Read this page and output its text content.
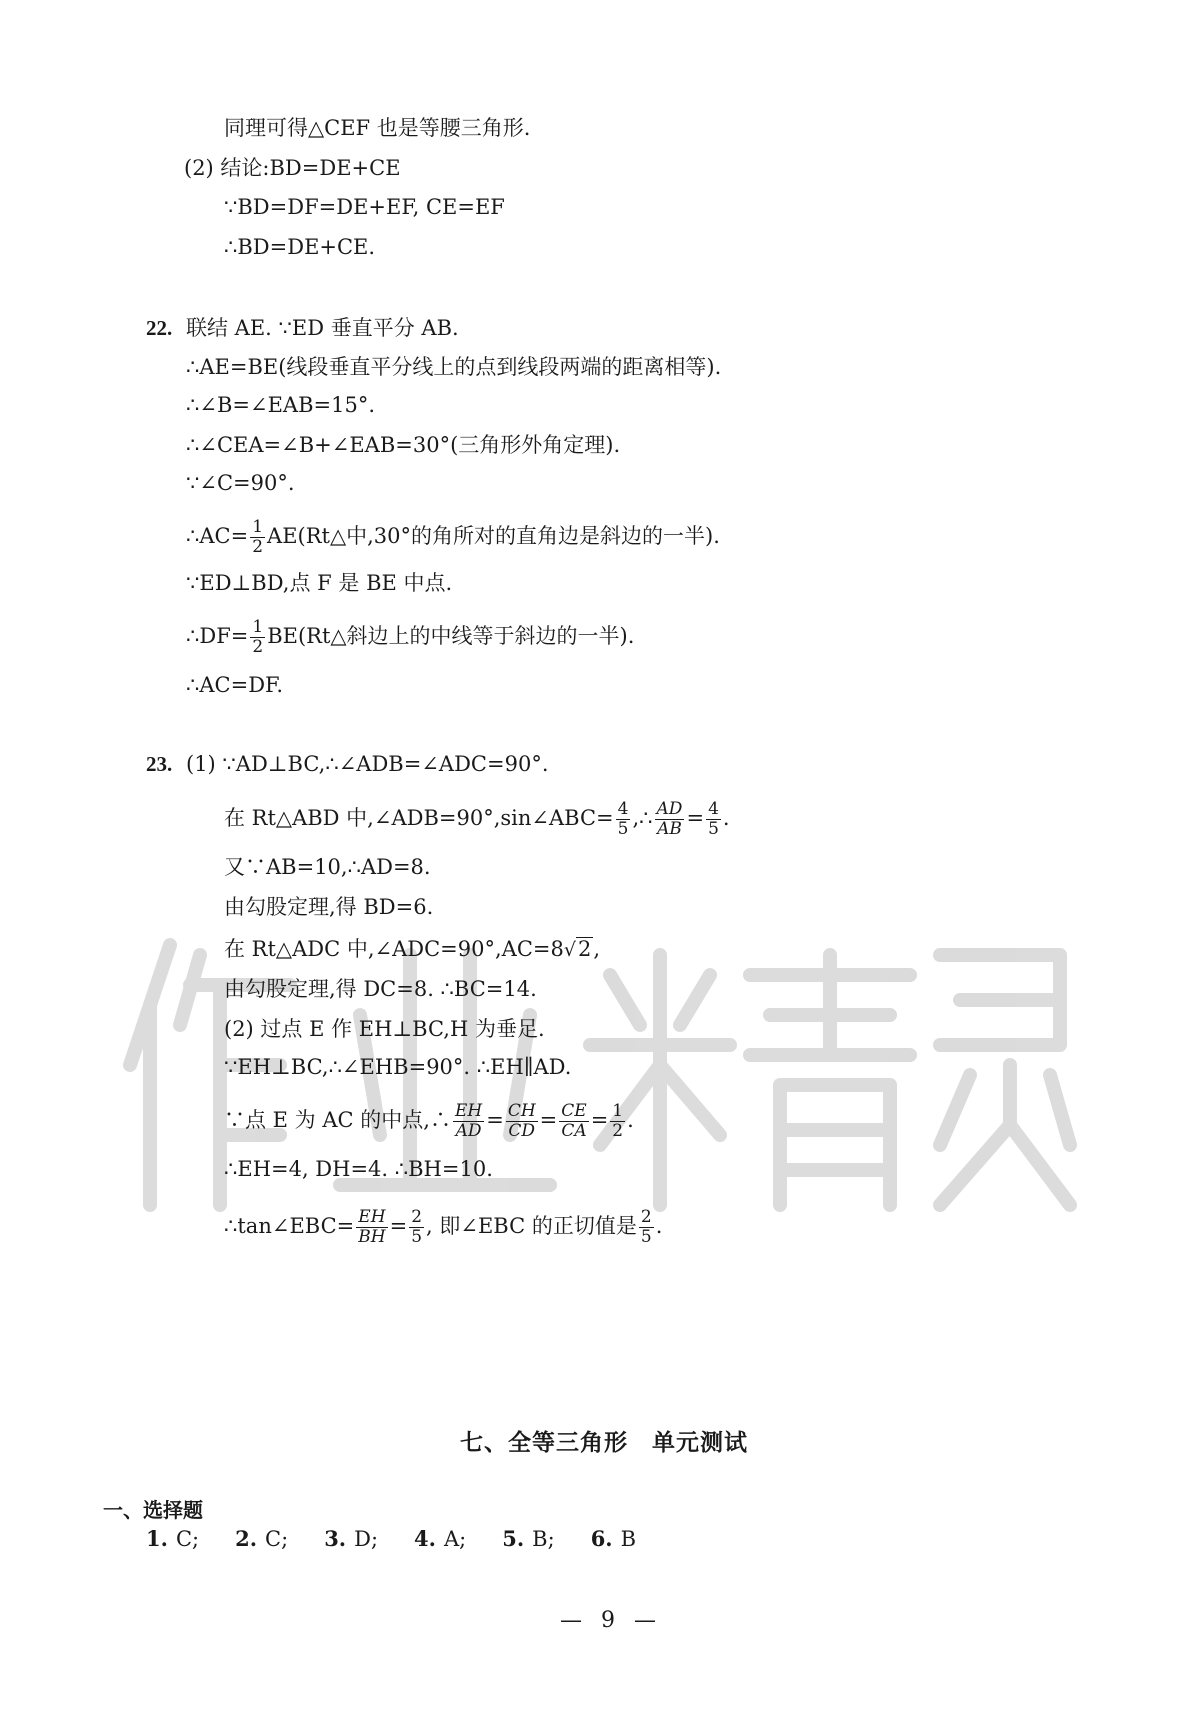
同理可得△CEF 也是等腰三角形.
(2) 结论:BD=DE+CE
∵BD=DF=DE+EF, CE=EF
∴BD=DE+CE.
22. 联结 AE. ∵ED 垂直平分 AB.
∴AE=BE(线段垂直平分线上的点到线段两端的距离相等).
∴∠B=∠EAB=15°.
∴∠CEA=∠B+∠EAB=30°(三角形外角定理).
∵∠C=90°.
∴AC= $\frac{1}{2}$ AE(Rt△中,30°的角所对的直角边是斜边的一半).
∵ED⊥BD,点 F 是 BE 中点.
∴DF= $\frac{1}{2}$ BE(Rt△斜边上的中线等于斜边的一半).
∴AC=DF.
23. (1) ∵AD⊥BC,∴∠ADB=∠ADC=90°.
在 Rt△ABD 中,∠ADB=90°,sin∠ABC= $\frac{4}{5}$ ,∴ $\frac{AD}{AB} = \frac{4}{5}$ .
又∵AB=10,∴AD=8.
由勾股定理,得 BD=6.
在 Rt△ADC 中,∠ADC=90°,AC=8√2,
由勾股定理,得 DC=8. ∴BC=14.
(2) 过点 E 作 EH⊥BC,H 为垂足.
∵EH⊥BC,∴∠EHB=90°. ∴EH∥AD.
∵点 E 为 AC 的中点,∴ $\frac{EH}{AD} = \frac{CH}{CD} = \frac{CE}{CA} = \frac{1}{2}$ .
∴EH=4, DH=4. ∴BH=10.
∴tan∠EBC= $\frac{EH}{BH} = \frac{2}{5}$ , 即∠EBC 的正切值是 $\frac{2}{5}$ .
七、全等三角形　单元测试
一、选择题
1. C; 2. C; 3. D; 4. A; 5. B; 6. B
— 9 —
